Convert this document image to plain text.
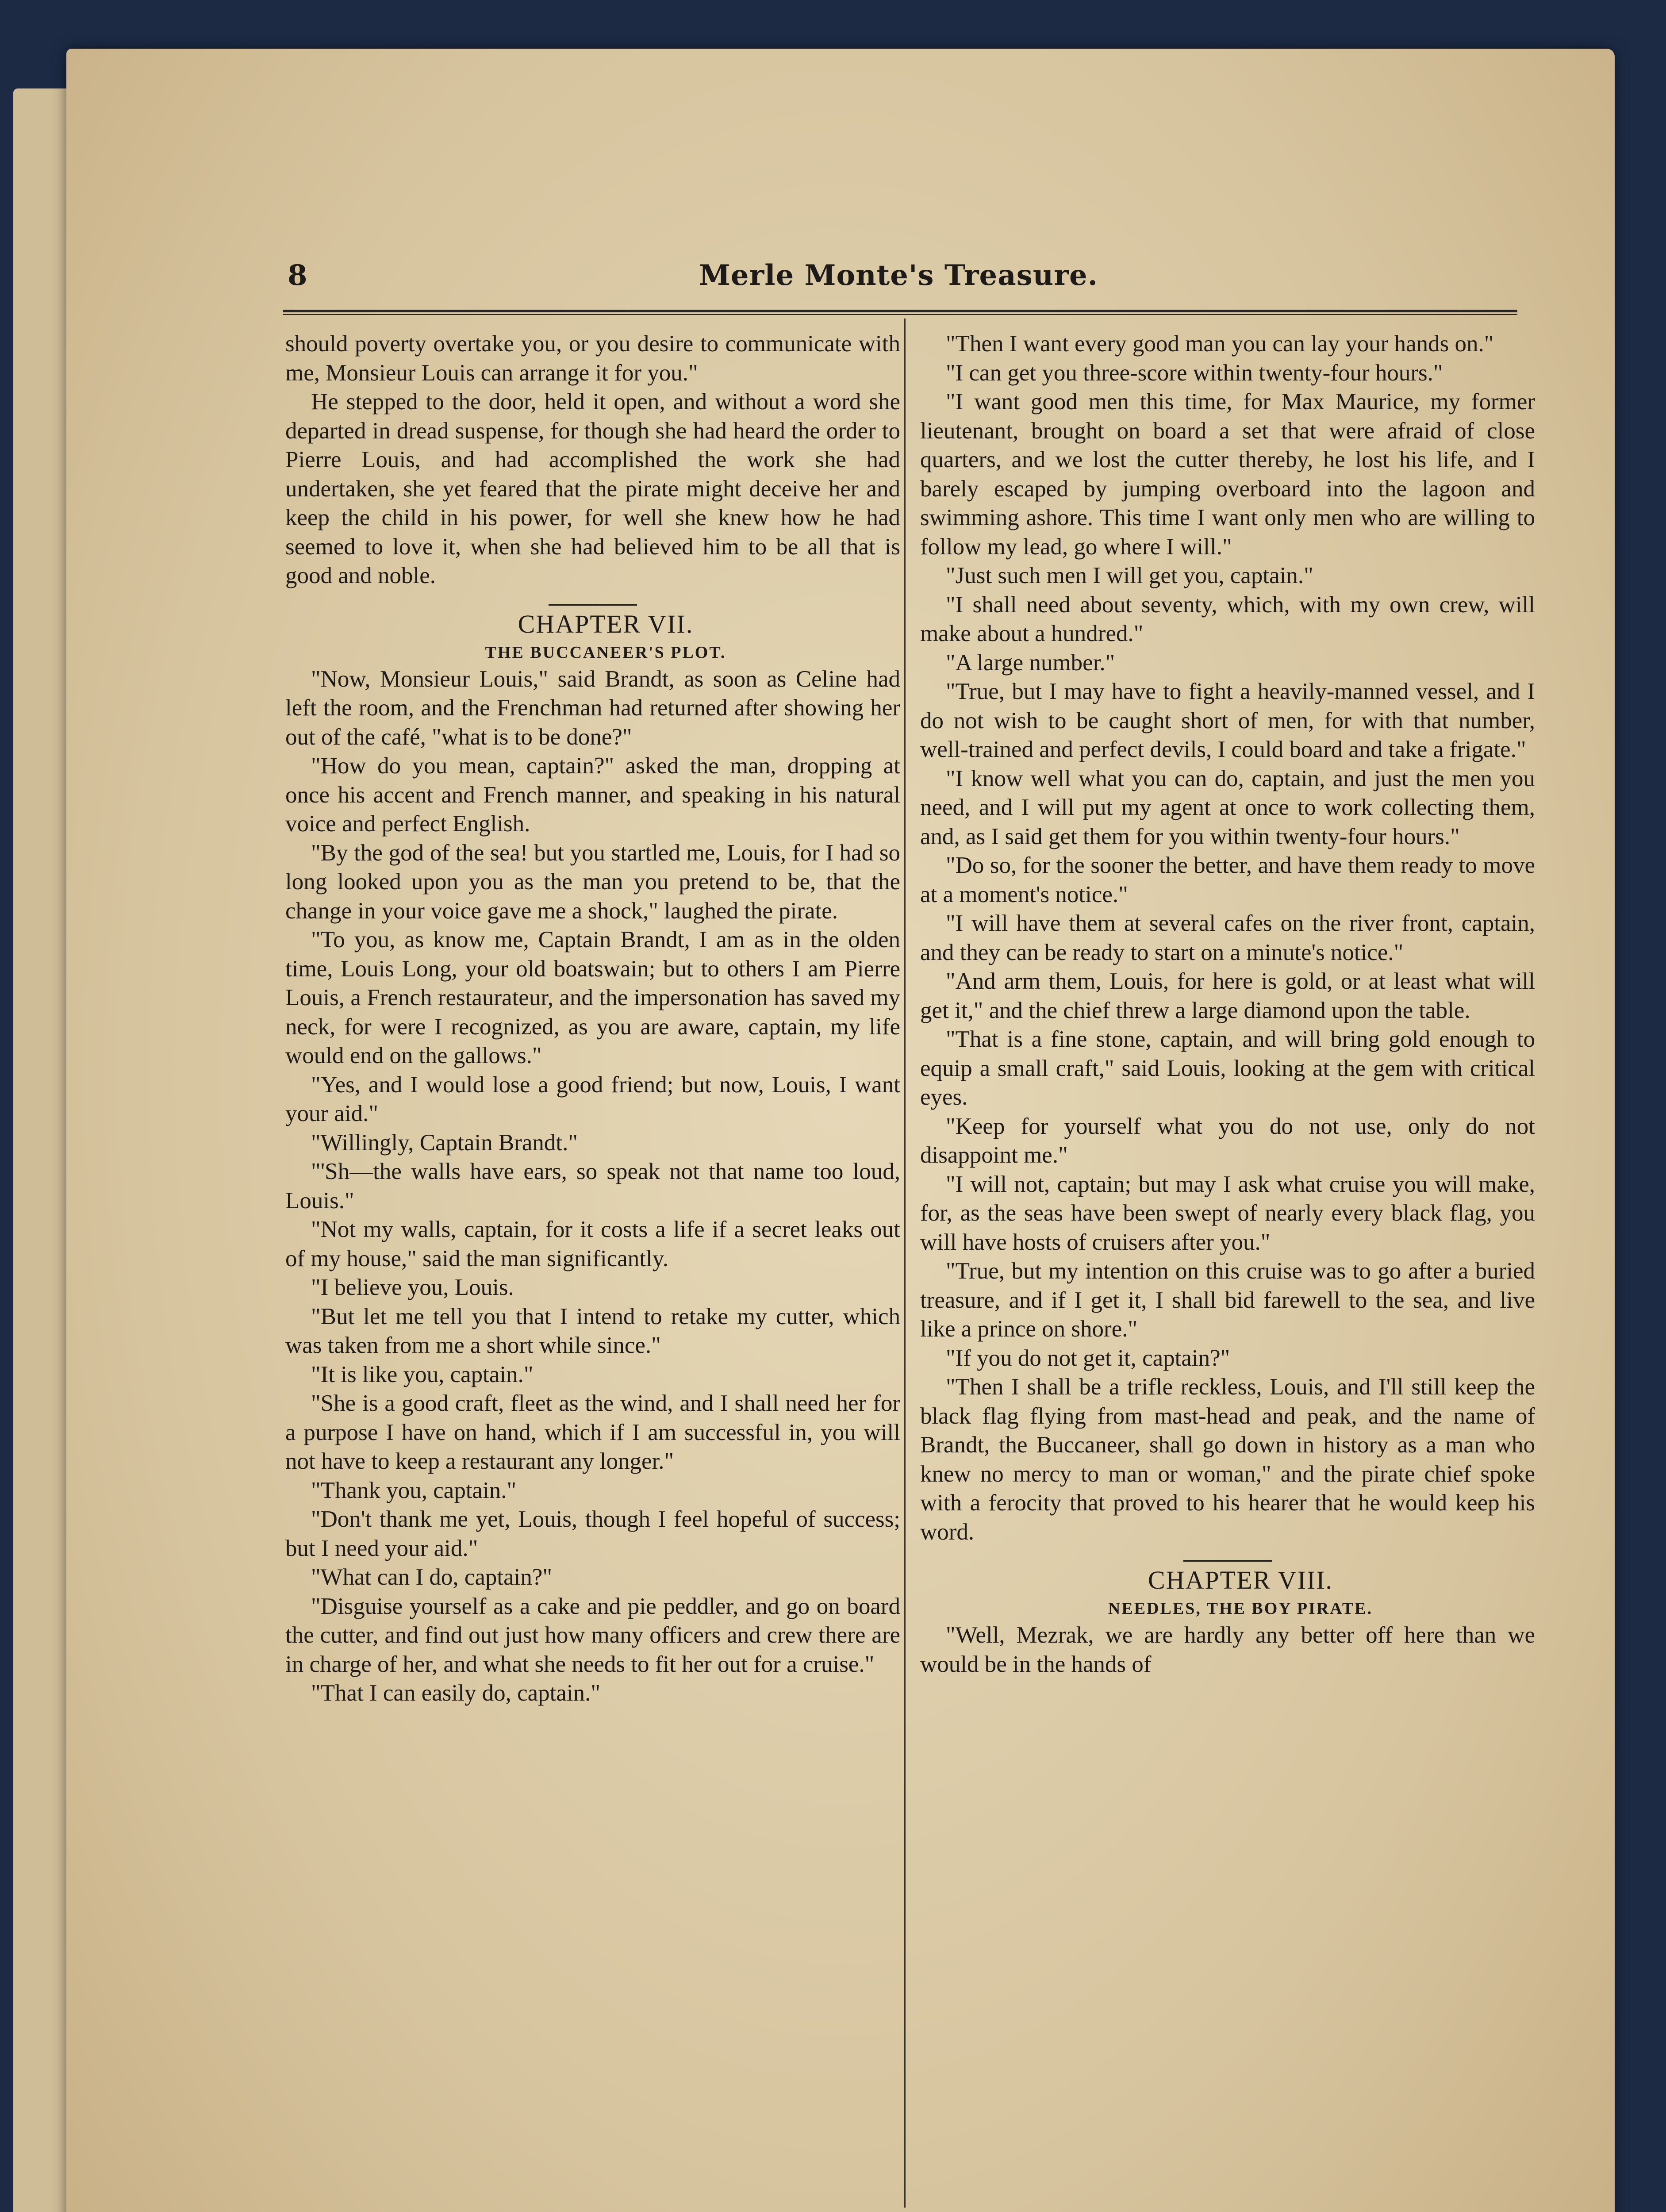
8	Merle Monte's Treasure.

should poverty overtake you, or you desire to communicate with me, Monsieur Louis can arrange it for you."

He stepped to the door, held it open, and without a word she departed in dread suspense, for though she had heard the order to Pierre Louis, and had accomplished the work she had undertaken, she yet feared that the pirate might deceive her and keep the child in his power, for well she knew how he had seemed to love it, when she had believed him to be all that is good and noble.

CHAPTER VII.

THE BUCCANEER'S PLOT.

"Now, Monsieur Louis," said Brandt, as soon as Celine had left the room, and the Frenchman had returned after showing her out of the café, "what is to be done?"

"How do you mean, captain?" asked the man, dropping at once his accent and French manner, and speaking in his natural voice and perfect English.

"By the god of the sea! but you startled me, Louis, for I had so long looked upon you as the man you pretend to be, that the change in your voice gave me a shock," laughed the pirate.

"To you, as know me, Captain Brandt, I am as in the olden time, Louis Long, your old boatswain; but to others I am Pierre Louis, a French restaurateur, and the impersonation has saved my neck, for were I recognized, as you are aware, captain, my life would end on the gallows."

"Yes, and I would lose a good friend; but now, Louis, I want your aid."

"Willingly, Captain Brandt."

"'Sh—the walls have ears, so speak not that name too loud, Louis."

"Not my walls, captain, for it costs a life if a secret leaks out of my house," said the man significantly.

"I believe you, Louis.

"But let me tell you that I intend to retake my cutter, which was taken from me a short while since."

"It is like you, captain."

"She is a good craft, fleet as the wind, and I shall need her for a purpose I have on hand, which if I am successful in, you will not have to keep a restaurant any longer."

"Thank you, captain."

"Don't thank me yet, Louis, though I feel hopeful of success; but I need your aid."

"What can I do, captain?"

"Disguise yourself as a cake and pie peddler, and go on board the cutter, and find out just how many officers and crew there are in charge of her, and what she needs to fit her out for a cruise."

"That I can easily do, captain."

"Then I want every good man you can lay your hands on."

"I can get you three-score within twenty-four hours."

"I want good men this time, for Max Maurice, my former lieutenant, brought on board a set that were afraid of close quarters, and we lost the cutter thereby, he lost his life, and I barely escaped by jumping overboard into the lagoon and swimming ashore. This time I want only men who are willing to follow my lead, go where I will."

"Just such men I will get you, captain."

"I shall need about seventy, which, with my own crew, will make about a hundred."

"A large number."

"True, but I may have to fight a heavily-manned vessel, and I do not wish to be caught short of men, for with that number, well-trained and perfect devils, I could board and take a frigate."

"I know well what you can do, captain, and just the men you need, and I will put my agent at once to work collecting them, and, as I said get them for you within twenty-four hours."

"Do so, for the sooner the better, and have them ready to move at a moment's notice."

"I will have them at several cafes on the river front, captain, and they can be ready to start on a minute's notice."

"And arm them, Louis, for here is gold, or at least what will get it," and the chief threw a large diamond upon the table.

"That is a fine stone, captain, and will bring gold enough to equip a small craft," said Louis, looking at the gem with critical eyes.

"Keep for yourself what you do not use, only do not disappoint me."

"I will not, captain; but may I ask what cruise you will make, for, as the seas have been swept of nearly every black flag, you will have hosts of cruisers after you."

"True, but my intention on this cruise was to go after a buried treasure, and if I get it, I shall bid farewell to the sea, and live like a prince on shore."

"If you do not get it, captain?"

"Then I shall be a trifle reckless, Louis, and I'll still keep the black flag flying from mast-head and peak, and the name of Brandt, the Buccaneer, shall go down in history as a man who knew no mercy to man or woman," and the pirate chief spoke with a ferocity that proved to his hearer that he would keep his word.

CHAPTER VIII.

NEEDLES, THE BOY PIRATE.

"Well, Mezrak, we are hardly any better off here than we would be in the hands of
